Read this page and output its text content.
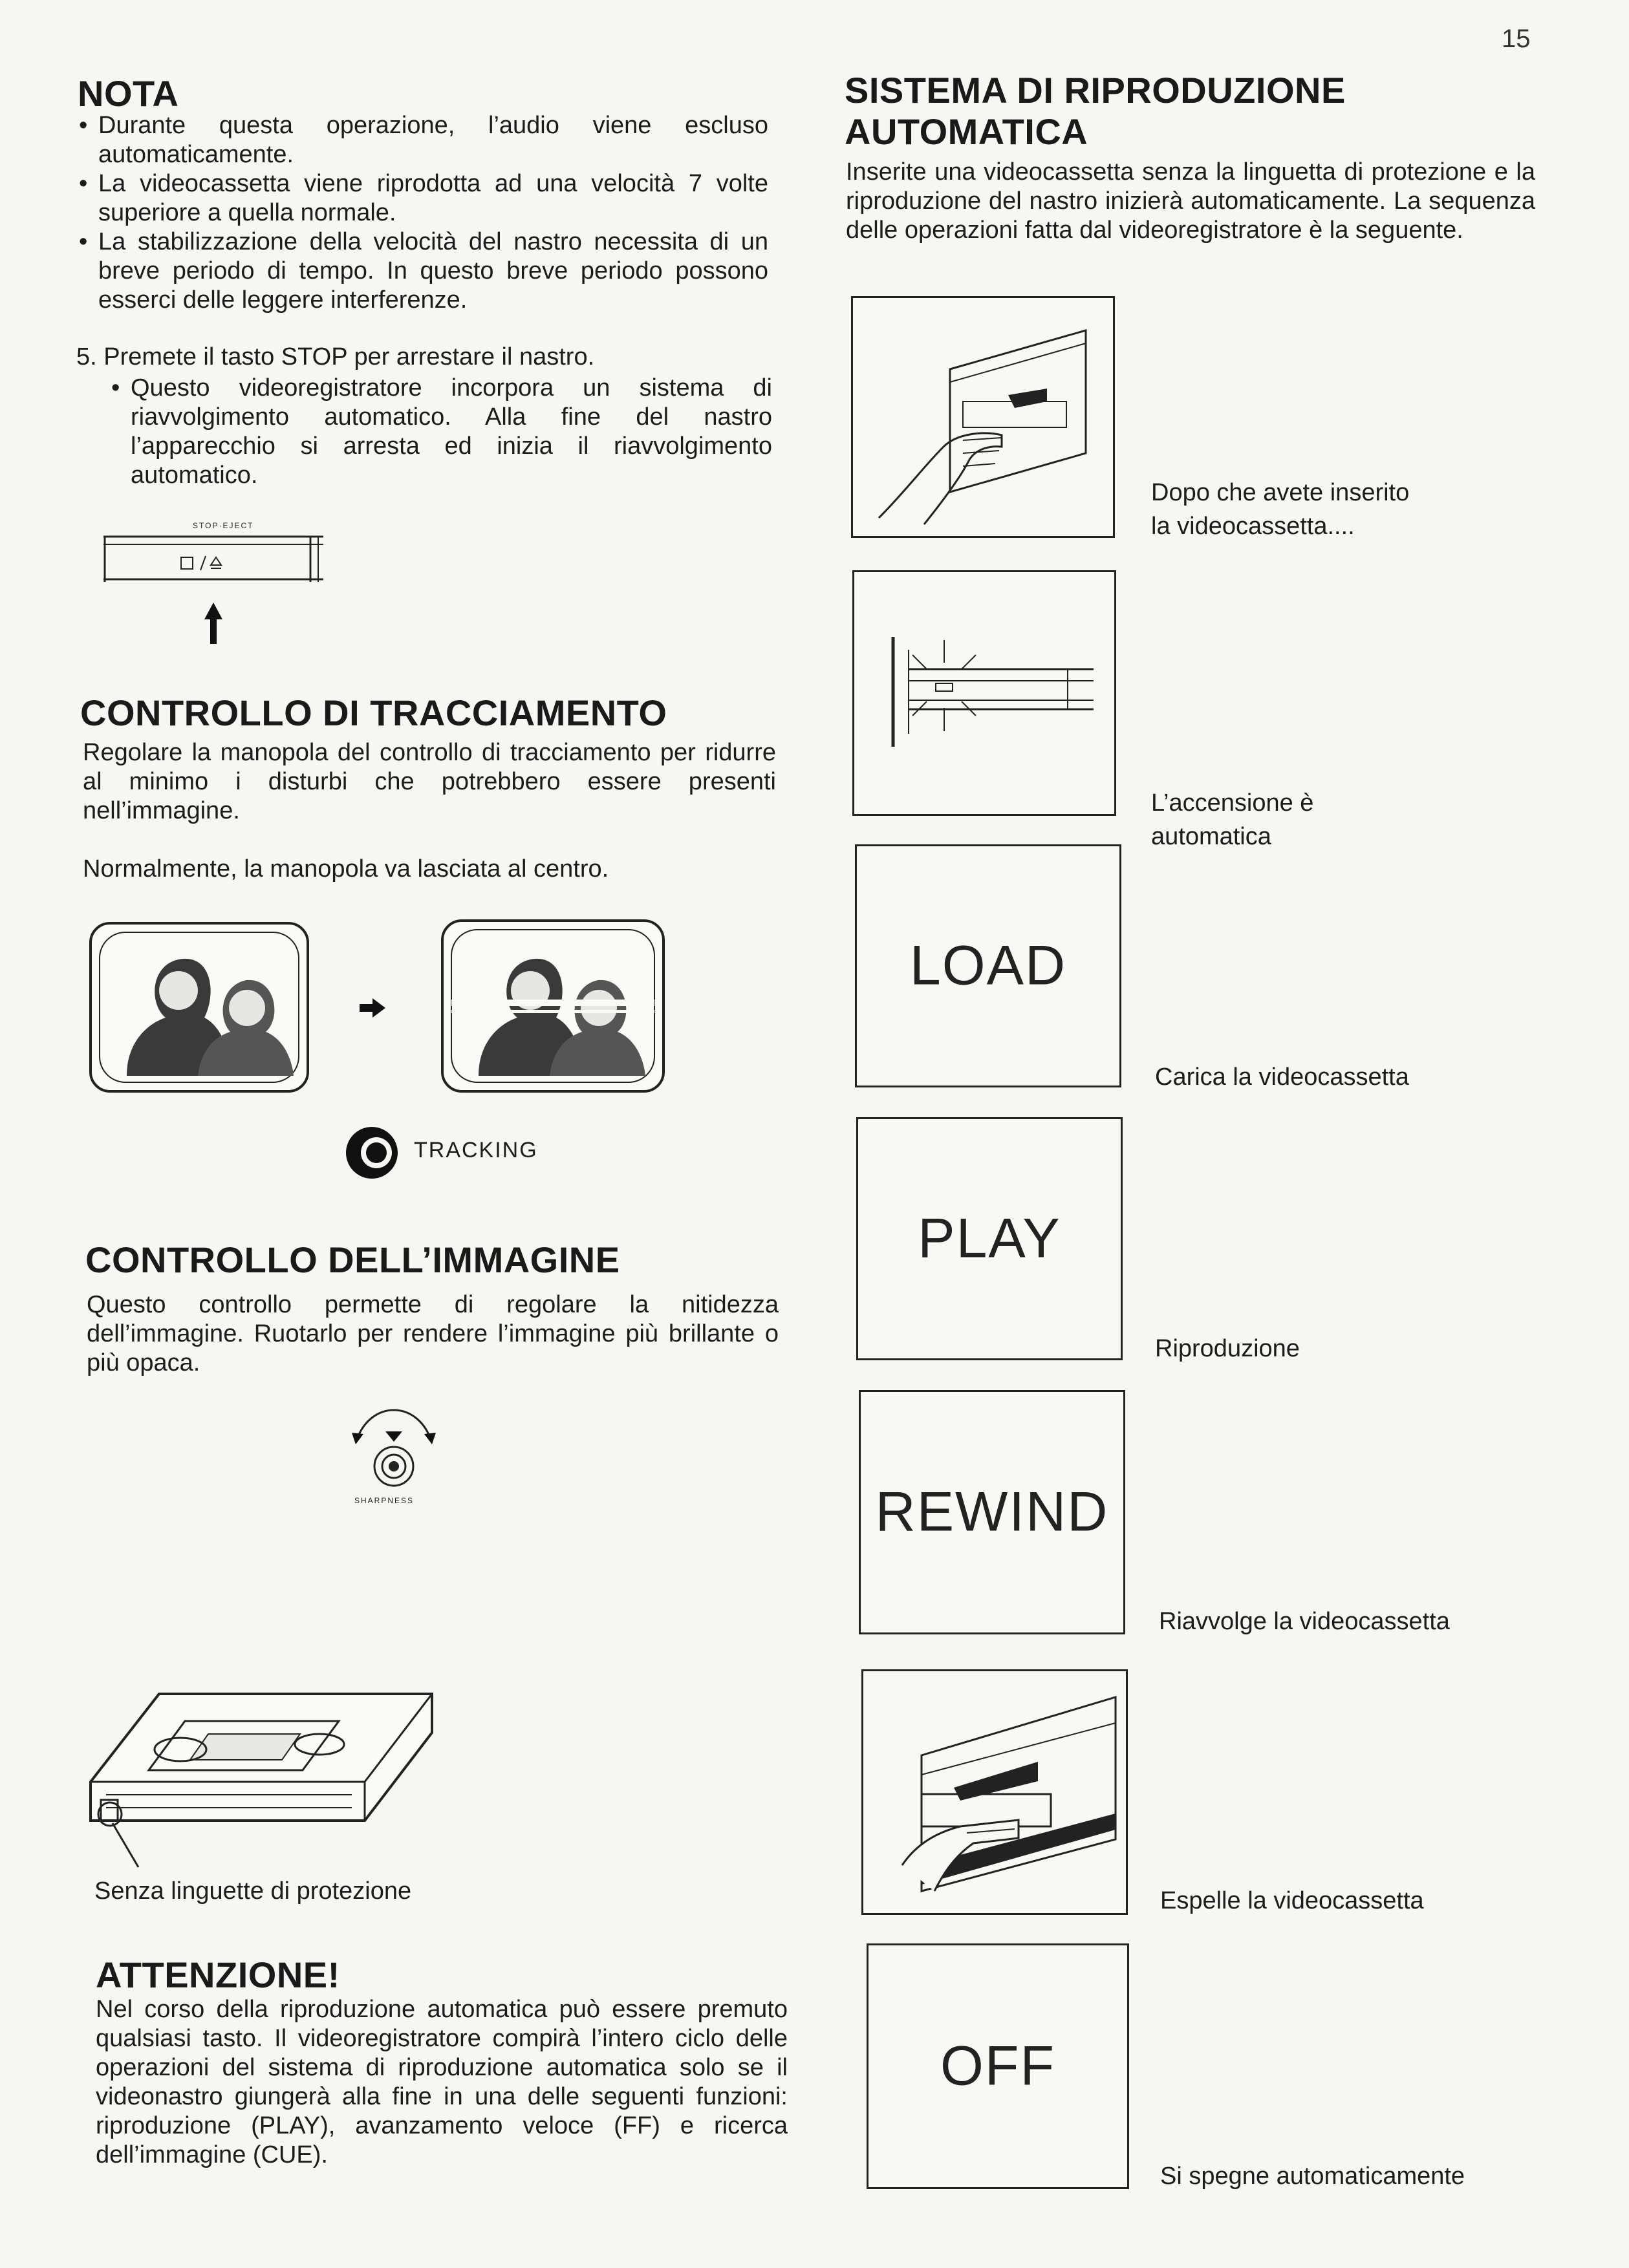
15
NOTA
• Durante questa operazione, l’audio viene escluso automaticamente.
• La videocassetta viene riprodotta ad una velocità 7 volte superiore a quella normale.
• La stabilizzazione della velocità del nastro necessita di un breve periodo di tempo. In questo breve periodo possono esserci delle leggere interferenze.

5. Premete il tasto STOP per arrestare il nastro.

• Questo videoregistratore incorpora un sistema di riavvolgimento automatico. Alla fine del nastro l’apparecchio si arresta ed inizia il riavvolgimento automatico.
STOP·EJECT
CONTROLLO DI TRACCIAMENTO

Regolare la manopola del controllo di tracciamento per ridurre al minimo i disturbi che potrebbero essere presenti nell’immagine.

Normalmente, la manopola va lasciata al centro.

TRACKING
CONTROLLO DELL’IMMAGINE

Questo controllo permette di regolare la nitidezza dell’immagine. Ruotarlo per rendere l’immagine più brillante o più opaca.

SHARPNESS
Senza linguette di protezione
ATTENZIONE!

Nel corso della riproduzione automatica può essere premuto qualsiasi tasto. Il videoregistratore compirà l’intero ciclo delle operazioni del sistema di riproduzione automatica solo se il videonastro giungerà alla fine in una delle seguenti funzioni: riproduzione (PLAY), avanzamento veloce (FF) e ricerca dell’immagine (CUE).

SISTEMA DI RIPRODUZIONE AUTOMATICA

Inserite una videocassetta senza la linguetta di protezione e la riproduzione del nastro inizierà automaticamente. La sequenza delle operazioni fatta dal videoregistratore è la seguente.

Dopo che avete inserito la videocassetta....
L’accensione è automatica
LOAD
Carica la videocassetta
PLAY
Riproduzione
REWIND
Riavvolge la videocassetta
Espelle la videocassetta
OFF
Si spegne automaticamente
